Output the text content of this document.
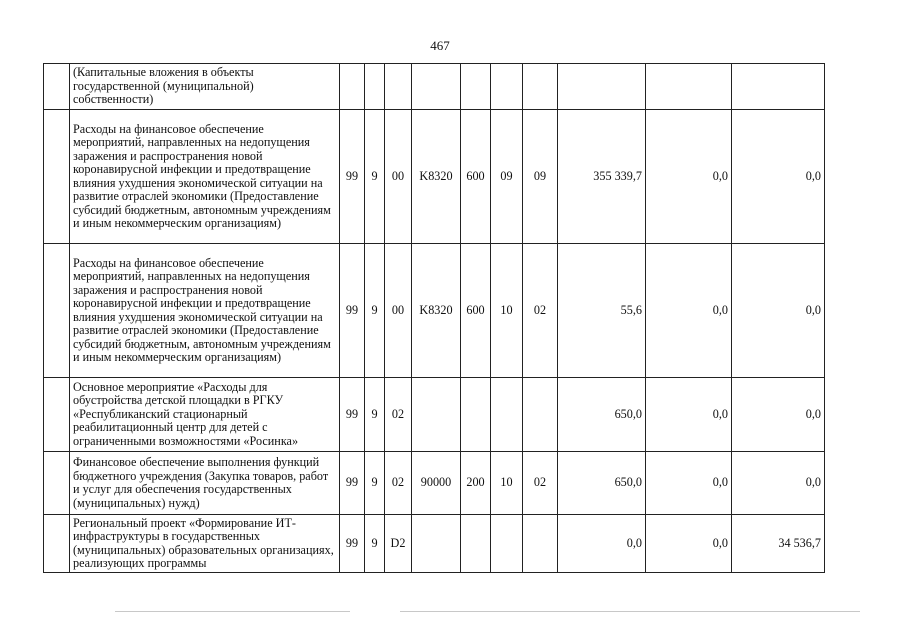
467
	(Капитальные вложения в объекты государственной (муниципальной) собственности)										
	Расходы на финансовое обеспечение мероприятий, направленных на недопущения заражения и распространения новой коронавирусной инфекции и предотвращение влияния ухудшения экономической ситуации на развитие отраслей экономики (Предоставление субсидий бюджетным, автономным учреждениям и иным некоммерческим организациям)	99	9	00	K8320	600	09	09	355 339,7	0,0	0,0
	Расходы на финансовое обеспечение мероприятий, направленных на недопущения заражения и распространения новой коронавирусной инфекции и предотвращение влияния ухудшения экономической ситуации на развитие отраслей экономики (Предоставление субсидий бюджетным, автономным учреждениям и иным некоммерческим организациям)	99	9	00	K8320	600	10	02	55,6	0,0	0,0
	Основное мероприятие «Расходы для обустройства детской площадки в РГКУ «Республиканский стационарный реабилитационный центр для детей с ограниченными возможностями «Росинка»	99	9	02					650,0	0,0	0,0
	Финансовое обеспечение выполнения функций бюджетного учреждения (Закупка товаров, работ и услуг для обеспечения государственных (муниципальных) нужд)	99	9	02	90000	200	10	02	650,0	0,0	0,0
	Региональный проект «Формирование ИТ-инфраструктуры в государственных (муниципальных) образовательных организациях, реализующих программы	99	9	D2					0,0	0,0	34 536,7
